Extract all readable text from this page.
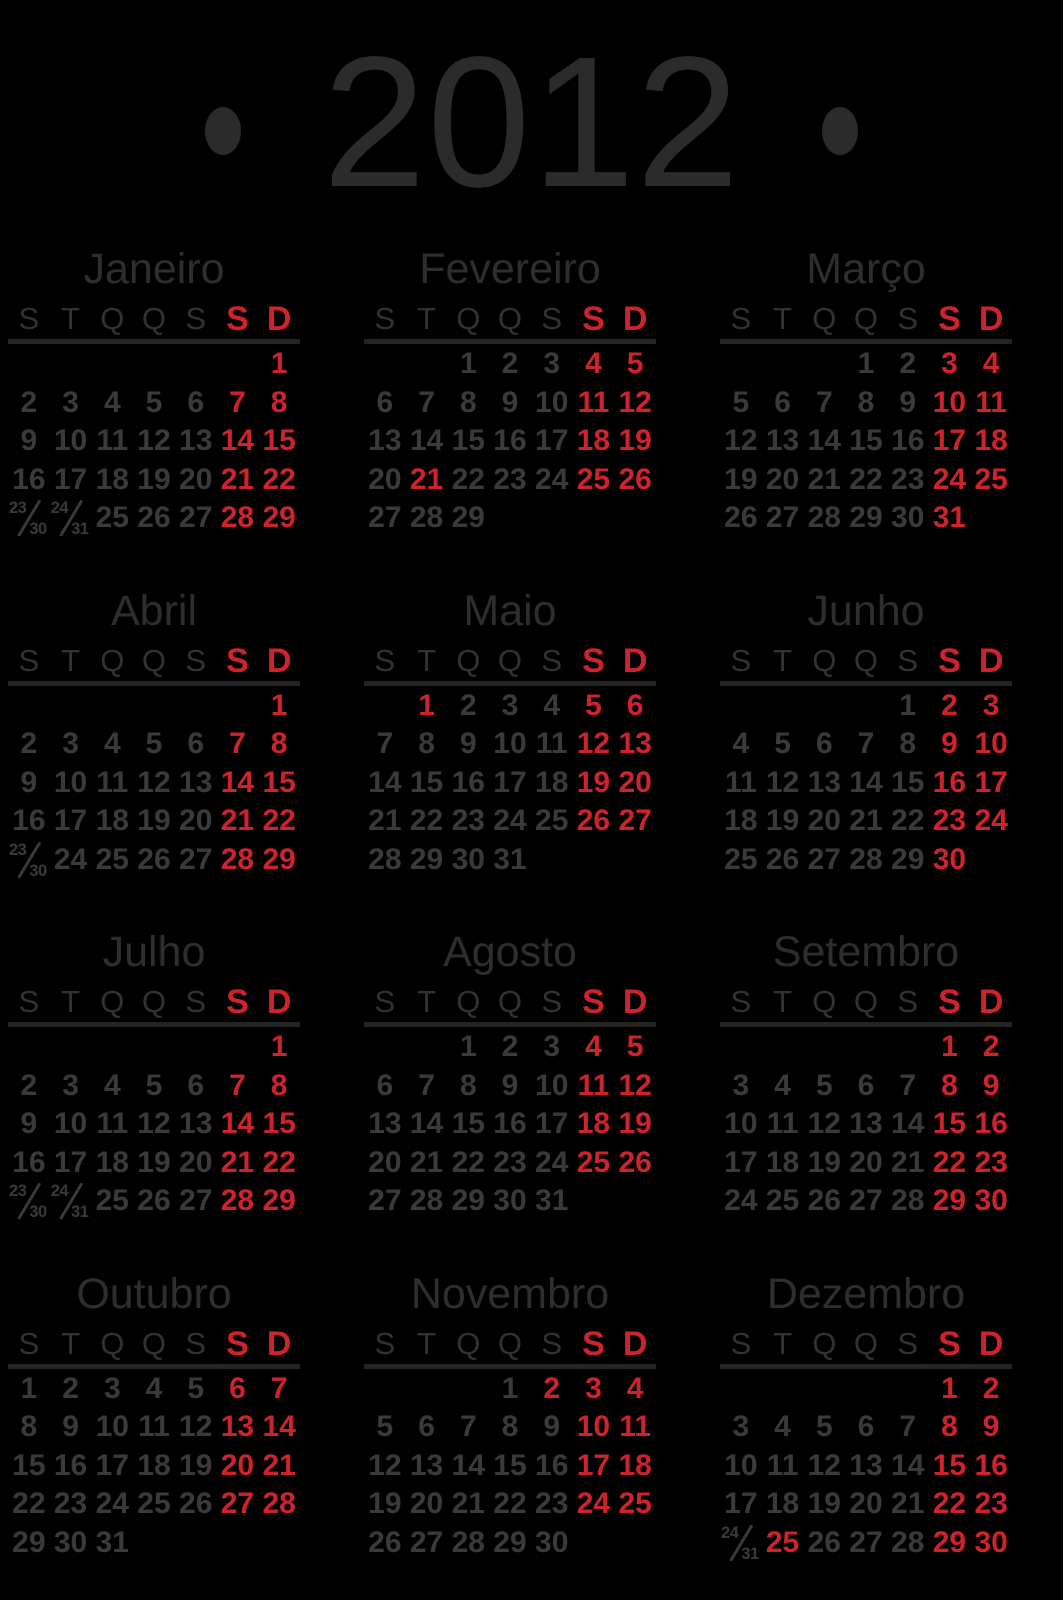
2012
Janeiro
S T Q Q S S D
1
2 3 4 5 6 7 8
9 10 11 12 13 14 15
16 17 18 19 20 21 22
23
30
24
31 25 26 27 28 29
Fevereiro
S T Q Q S S D
1 2 3 4 5
6 7 8 9 10 11 12
13 14 15 16 17 18 19
20 21 22 23 24 25 26
27 28 29
Março
S T Q Q S S D
1 2 3 4
5 6 7 8 9 10 11
12 13 14 15 16 17 18
19 20 21 22 23 24 25
26 27 28 29 30 31
Abril
S T Q Q S S D
1
2 3 4 5 6 7 8
9 10 11 12 13 14 15
16 17 18 19 20 21 22
23
30 24 25 26 27 28 29
Maio
S T Q Q S S D
1 2 3 4 5 6
7 8 9 10 11 12 13
14 15 16 17 18 19 20
21 22 23 24 25 26 27
28 29 30 31
Junho
S T Q Q S S D
1 2 3
4 5 6 7 8 9 10
11 12 13 14 15 16 17
18 19 20 21 22 23 24
25 26 27 28 29 30
Julho
S T Q Q S S D
1
2 3 4 5 6 7 8
9 10 11 12 13 14 15
16 17 18 19 20 21 22
23
30
24
31 25 26 27 28 29
Agosto
S T Q Q S S D
1 2 3 4 5
6 7 8 9 10 11 12
13 14 15 16 17 18 19
20 21 22 23 24 25 26
27 28 29 30 31
Setembro
S T Q Q S S D
1 2
3 4 5 6 7 8 9
10 11 12 13 14 15 16
17 18 19 20 21 22 23
24 25 26 27 28 29 30
Outubro
S T Q Q S S D
1 2 3 4 5 6 7
8 9 10 11 12 13 14
15 16 17 18 19 20 21
22 23 24 25 26 27 28
29 30 31
Novembro
S T Q Q S S D
1 2 3 4
5 6 7 8 9 10 11
12 13 14 15 16 17 18
19 20 21 22 23 24 25
26 27 28 29 30
Dezembro
S T Q Q S S D
1 2
3 4 5 6 7 8 9
10 11 12 13 14 15 16
17 18 19 20 21 22 23
24
31 25 26 27 28 29 30
